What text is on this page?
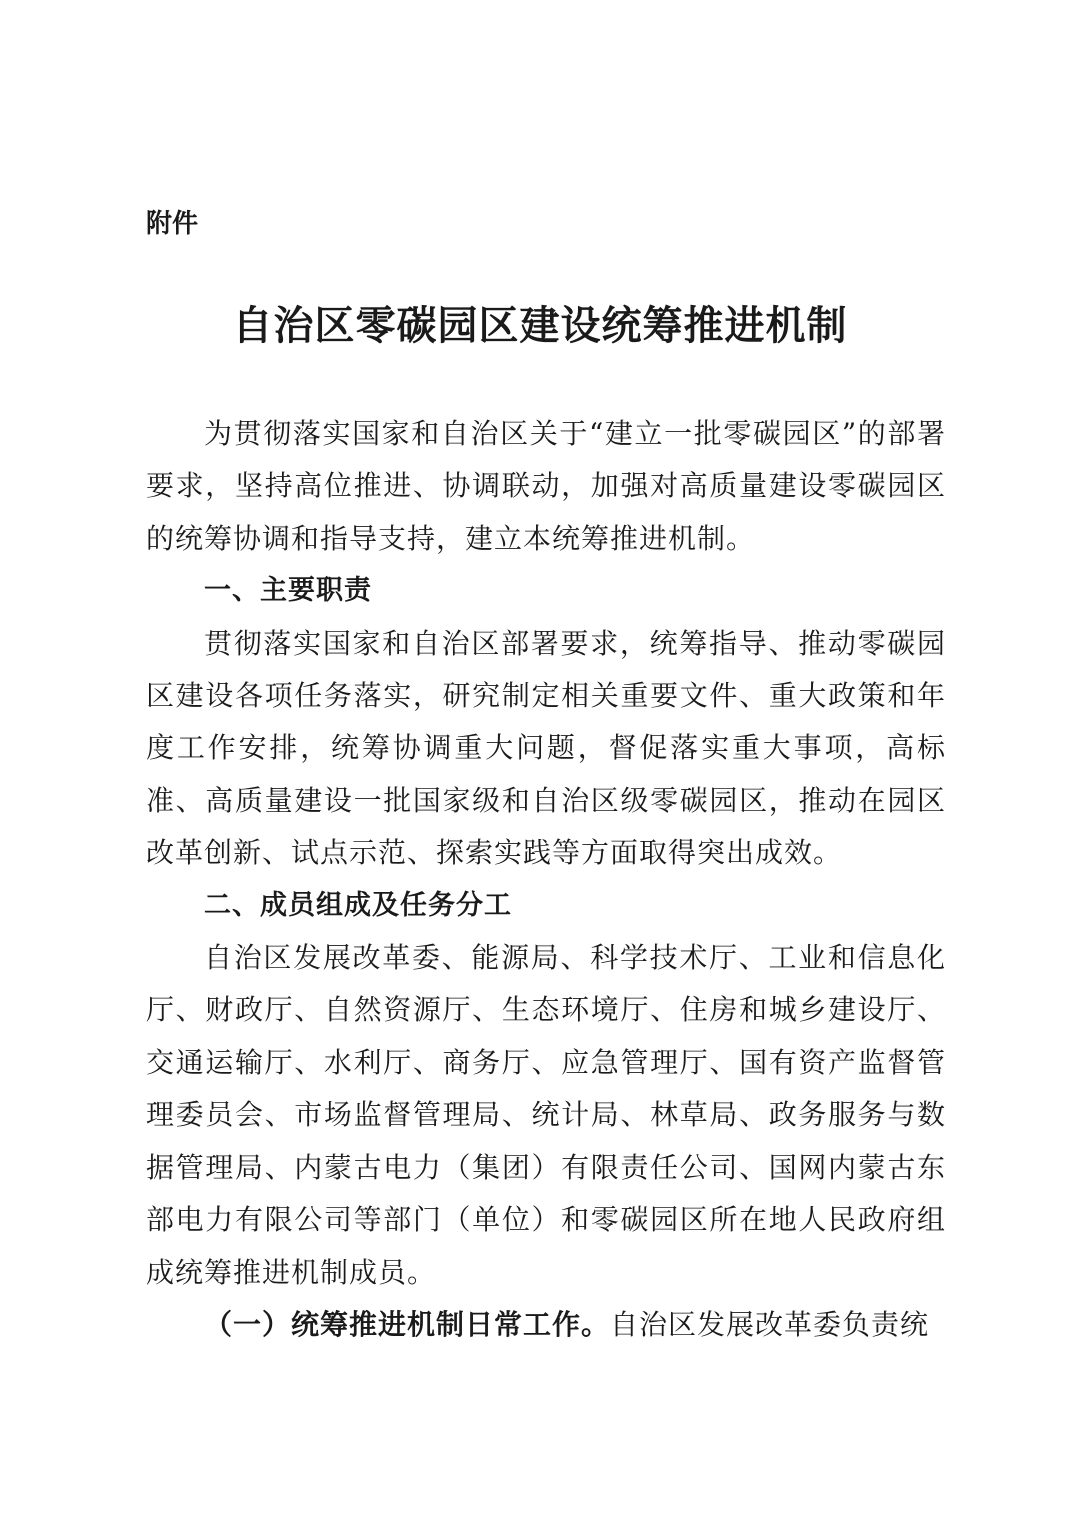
附件
自治区零碳园区建设统筹推进机制

为贯彻落实国家和自治区关于“建立一批零碳园区”的部署要求，坚持高位推进、协调联动，加强对高质量建设零碳园区的统筹协调和指导支持，建立本统筹推进机制。

一、主要职责

贯彻落实国家和自治区部署要求，统筹指导、推动零碳园区建设各项任务落实，研究制定相关重要文件、重大政策和年度工作安排，统筹协调重大问题，督促落实重大事项，高标准、高质量建设一批国家级和自治区级零碳园区，推动在园区改革创新、试点示范、探索实践等方面取得突出成效。

二、成员组成及任务分工

自治区发展改革委、能源局、科学技术厅、工业和信息化厅、财政厅、自然资源厅、生态环境厅、住房和城乡建设厅、交通运输厅、水利厅、商务厅、应急管理厅、国有资产监督管理委员会、市场监督管理局、统计局、林草局、政务服务与数据管理局、内蒙古电力（集团）有限责任公司、国网内蒙古东部电力有限公司等部门（单位）和零碳园区所在地人民政府组成统筹推进机制成员。

（一）统筹推进机制日常工作。自治区发展改革委负责统
